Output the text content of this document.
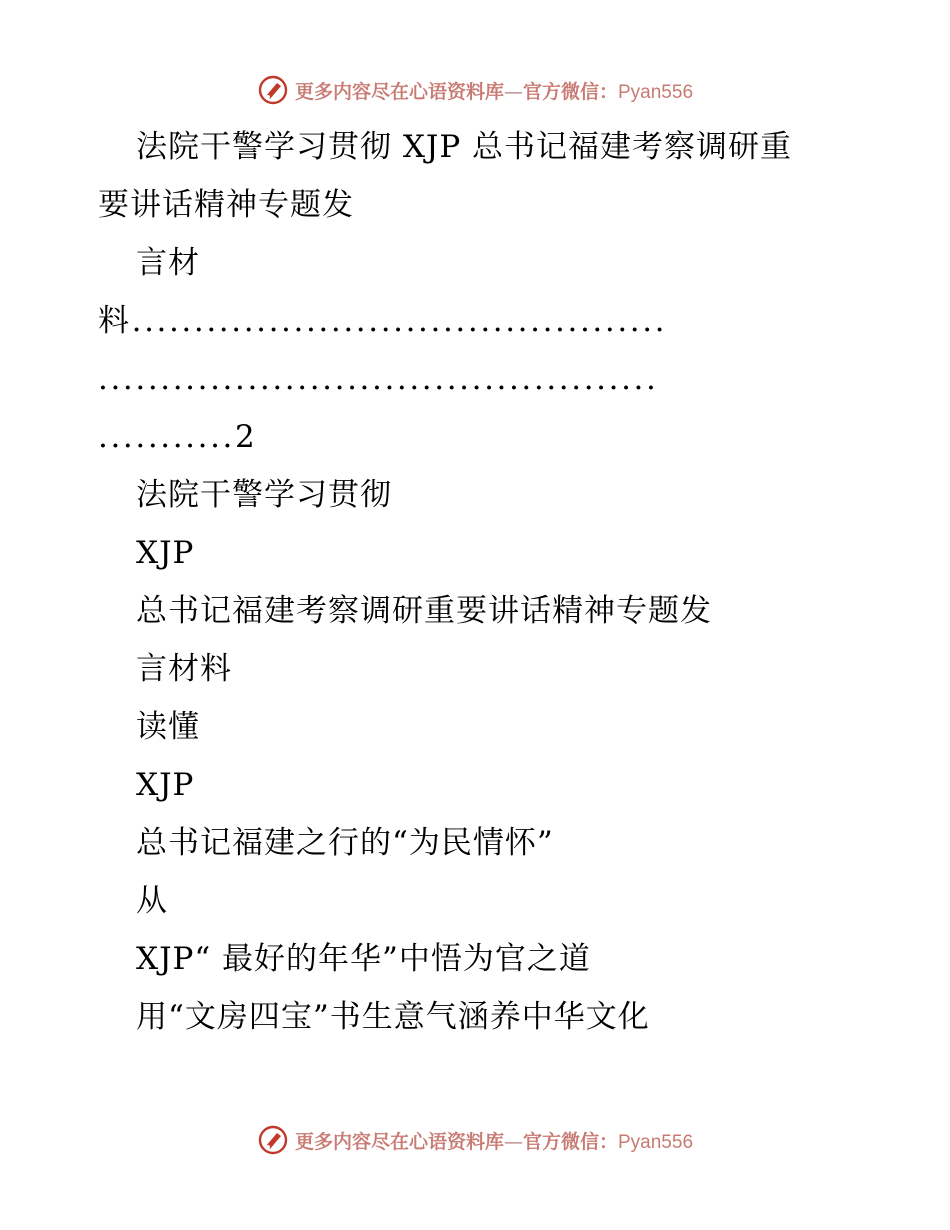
更多内容尽在心语资料库—官方微信：Pyan556
法院干警学习贯彻 XJP 总书记福建考察调研重
要讲话精神专题发
言材
料...........................................
.............................................
...........2
法院干警学习贯彻
XJP
总书记福建考察调研重要讲话精神专题发
言材料
读懂
XJP
总书记福建之行的“为民情怀”
从
XJP“ 最好的年华”中悟为官之道
用“文房四宝”书生意气涵养中华文化
更多内容尽在心语资料库—官方微信：Pyan556
